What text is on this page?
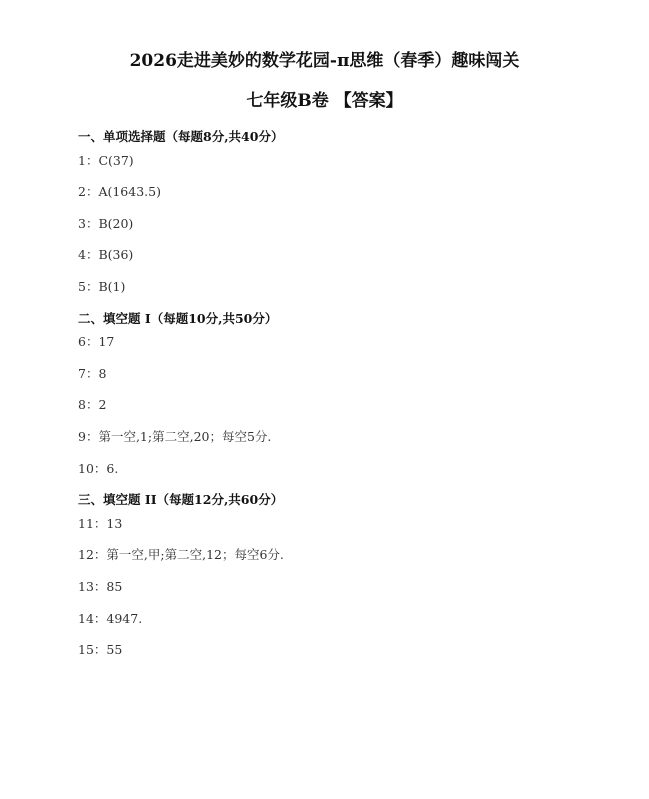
2026走进美妙的数学花园-π思维（春季）趣味闯关
七年级B卷 【答案】
一、单项选择题（每题8分,共40分）
1：C(37)
2：A(1643.5)
3：B(20)
4：B(36)
5：B(1)
二、填空题 I（每题10分,共50分）
6：17
7：8
8：2
9：第一空,1;第二空,20；每空5分.
10：6.
三、填空题 II（每题12分,共60分）
11：13
12：第一空,甲;第二空,12；每空6分.
13：85
14：4947.
15：55
